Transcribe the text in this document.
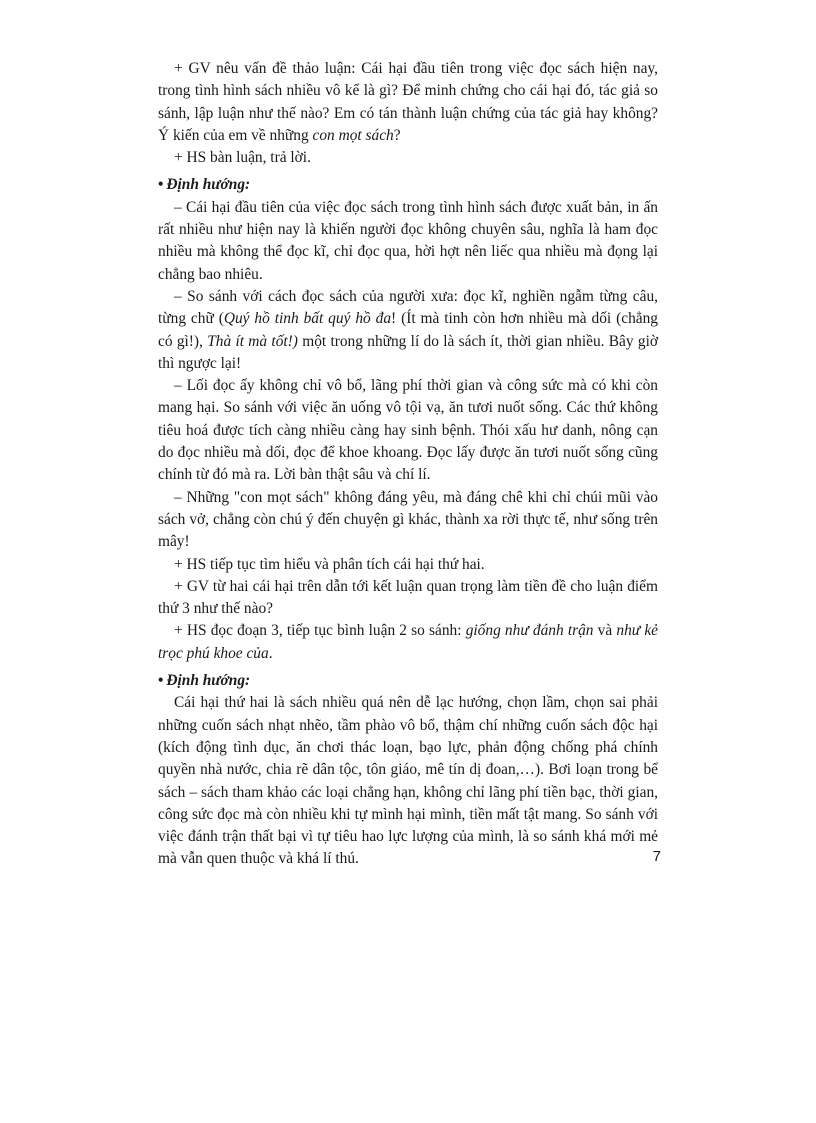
+ GV nêu vấn đề thảo luận: Cái hại đầu tiên trong việc đọc sách hiện nay, trong tình hình sách nhiều vô kể là gì? Để minh chứng cho cái hại đó, tác giả so sánh, lập luận như thế nào? Em có tán thành luận chứng của tác giả hay không? Ý kiến của em về những con mọt sách?

+ HS bàn luận, trả lời.

• Định hướng:

– Cái hại đầu tiên của việc đọc sách trong tình hình sách được xuất bản, in ấn rất nhiều như hiện nay là khiến người đọc không chuyên sâu, nghĩa là ham đọc nhiều mà không thể đọc kĩ, chỉ đọc qua, hời hợt nên liếc qua nhiều mà đọng lại chẳng bao nhiêu.

– So sánh với cách đọc sách của người xưa: đọc kĩ, nghiền ngẫm từng câu, từng chữ (Quý hồ tinh bất quý hồ đa! (Ít mà tinh còn hơn nhiều mà dối (chẳng có gì!), Thà ít mà tốt!) một trong những lí do là sách ít, thời gian nhiều. Bây giờ thì ngược lại!

– Lối đọc ấy không chỉ vô bổ, lãng phí thời gian và công sức mà có khi còn mang hại. So sánh với việc ăn uống vô tội vạ, ăn tươi nuốt sống. Các thứ không tiêu hoá được tích càng nhiều càng hay sinh bệnh. Thói xấu hư danh, nông cạn do đọc nhiều mà dối, đọc để khoe khoang. Đọc lấy được ăn tươi nuốt sống cũng chính từ đó mà ra. Lời bàn thật sâu và chí lí.

– Những "con mọt sách" không đáng yêu, mà đáng chê khi chỉ chúi mũi vào sách vở, chẳng còn chú ý đến chuyện gì khác, thành xa rời thực tế, như sống trên mây!

+ HS tiếp tục tìm hiểu và phân tích cái hại thứ hai.

+ GV từ hai cái hại trên dẫn tới kết luận quan trọng làm tiền đề cho luận điểm thứ 3 như thế nào?

+ HS đọc đoạn 3, tiếp tục bình luận 2 so sánh: giống như đánh trận và như kẻ trọc phú khoe của.

• Định hướng:

Cái hại thứ hai là sách nhiều quá nên dễ lạc hướng, chọn lầm, chọn sai phải những cuốn sách nhạt nhẽo, tầm phào vô bổ, thậm chí những cuốn sách độc hại (kích động tình dục, ăn chơi thác loạn, bạo lực, phản động chống phá chính quyền nhà nước, chia rẽ dân tộc, tôn giáo, mê tín dị đoan,…). Bơi loạn trong bể sách – sách tham khảo các loại chẳng hạn, không chỉ lãng phí tiền bạc, thời gian, công sức đọc mà còn nhiều khi tự mình hại mình, tiền mất tật mang. So sánh với việc đánh trận thất bại vì tự tiêu hao lực lượng của mình, là so sánh khá mới mẻ mà vẫn quen thuộc và khá lí thú.	7
